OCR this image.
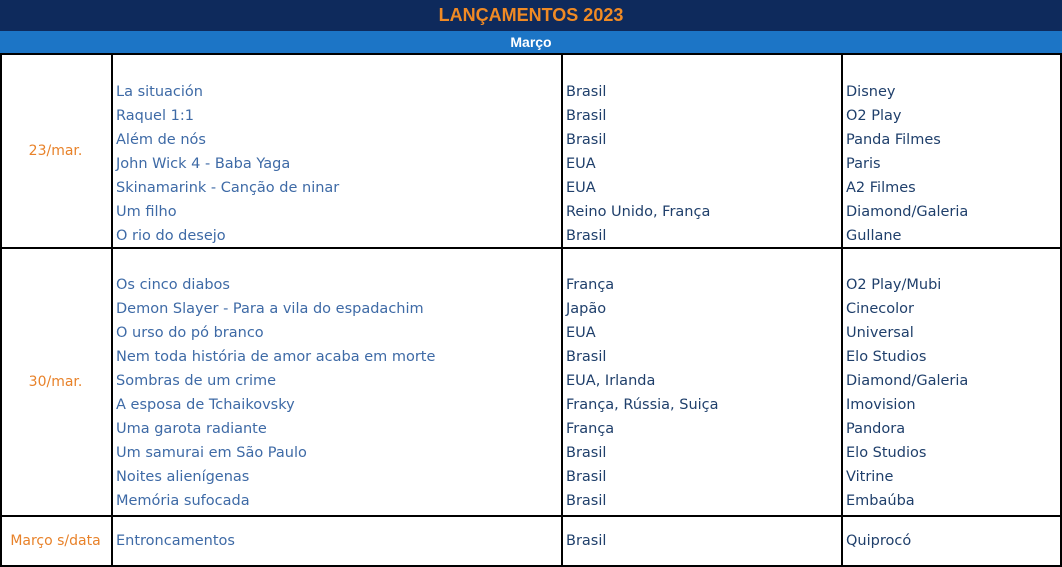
LANÇAMENTOS 2023
Março
23/mar.
La situación	Brasil	Disney
Raquel 1:1	Brasil	O2 Play
Além de nós	Brasil	Panda Filmes
John Wick 4 - Baba Yaga	EUA	Paris
Skinamarink - Canção de ninar	EUA	A2 Filmes
Um filho	Reino Unido, França	Diamond/Galeria
O rio do desejo	Brasil	Gullane
30/mar.
Os cinco diabos	França	O2 Play/Mubi
Demon Slayer - Para a vila do espadachim	Japão	Cinecolor
O urso do pó branco	EUA	Universal
Nem toda história de amor acaba em morte	Brasil	Elo Studios
Sombras de um crime	EUA, Irlanda	Diamond/Galeria
A esposa de Tchaikovsky	França, Rússia, Suiça	Imovision
Uma garota radiante	França	Pandora
Um samurai em São Paulo	Brasil	Elo Studios
Noites alienígenas	Brasil	Vitrine
Memória sufocada	Brasil	Embaúba
Março s/data	Entroncamentos	Brasil	Quiprocó
